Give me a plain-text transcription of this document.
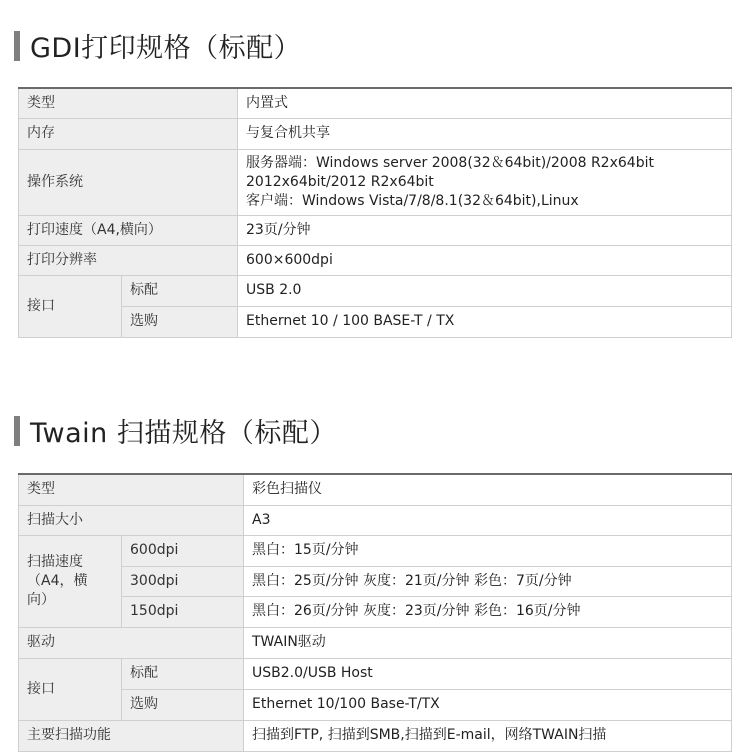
GDI打印规格（标配）
类型		内置式
内存		与复合机共享
操作系统		服务器端：Windows server 2008(32＆64bit)/2008 R2x64bit
2012x64bit/2012 R2x64bit
客户端：Windows Vista/7/8/8.1(32＆64bit),Linux

打印速度（A4,横向）		23页/分钟
打印分辨率		600×600dpi
接口	标配	USB 2.0
	选购	Ethernet 10 / 100 BASE-T / TX
Twain 扫描规格（标配）
类型		彩色扫描仪
扫描大小		A3

扫描速度
（A4，横
向）	600dpi	黑白：15页/分钟
	300dpi	黑白：25页/分钟 灰度：21页/分钟 彩色：7页/分钟
	150dpi	黑白：26页/分钟 灰度：23页/分钟 彩色：16页/分钟
驱动		TWAIN驱动
接口	标配	USB2.0/USB Host
	选购	Ethernet 10/100 Base-T/TX
主要扫描功能		扫描到FTP, 扫描到SMB,扫描到E-mail，网络TWAIN扫描
